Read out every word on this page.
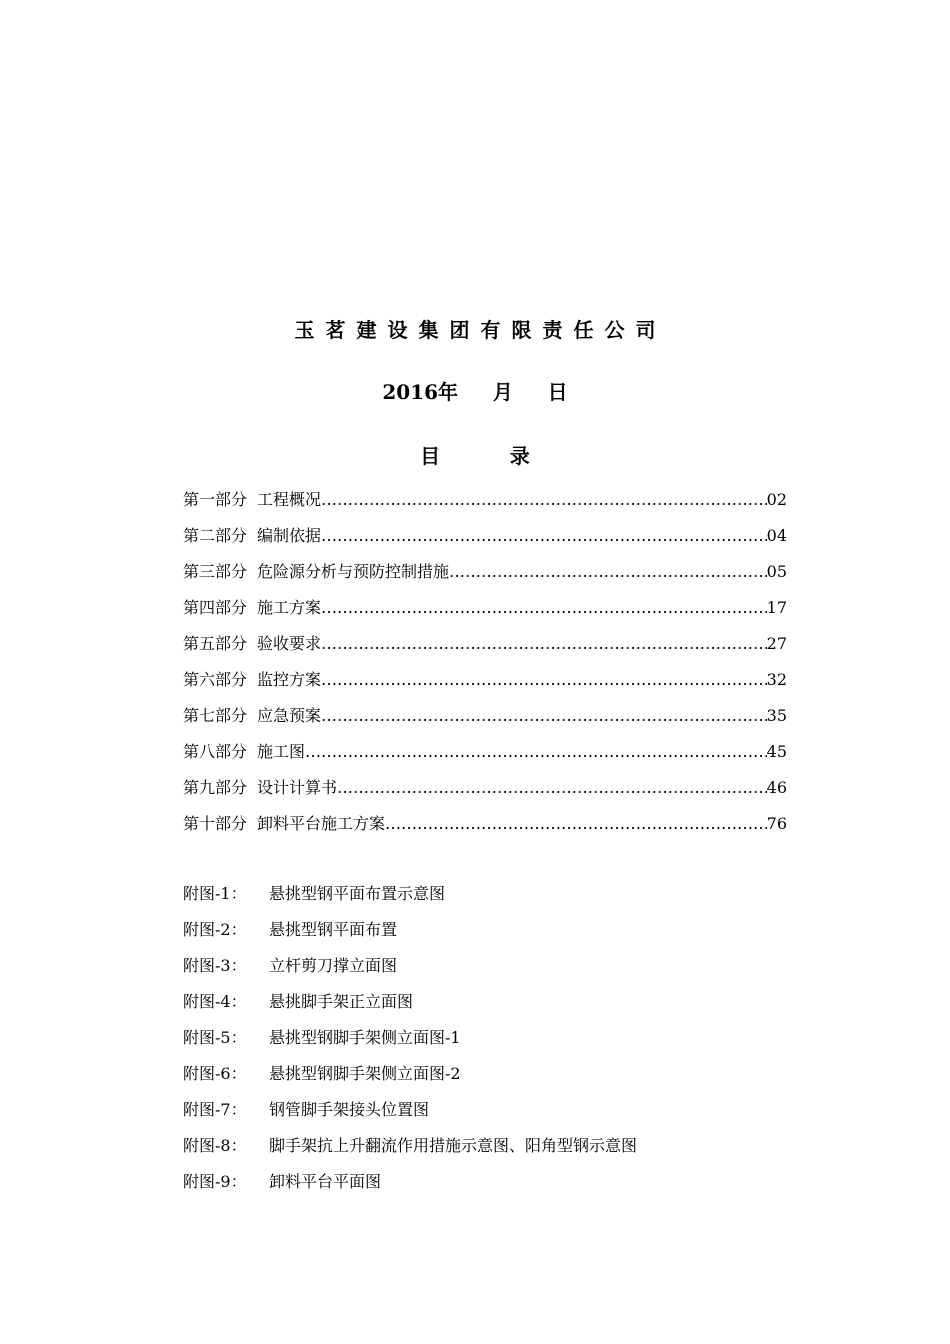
玉茗建设集团有限责任公司
2016年     月     日
目          录
第一部分 工程概况 …………………………………………………………………………………………………………………………………………………………………………………………………………………………………	02
第二部分 编制依据 …………………………………………………………………………………………………………………………………………………………………………………………………………………………………	04
第三部分 危险源分析与预防控制措施 …………………………………………………………………………………………………………………………………………………………………………………………………………………………………	05
第四部分 施工方案 …………………………………………………………………………………………………………………………………………………………………………………………………………………………………	17
第五部分 验收要求 …………………………………………………………………………………………………………………………………………………………………………………………………………………………………	27
第六部分 监控方案 …………………………………………………………………………………………………………………………………………………………………………………………………………………………………	32
第七部分 应急预案 …………………………………………………………………………………………………………………………………………………………………………………………………………………………………	35
第八部分 施工图 …………………………………………………………………………………………………………………………………………………………………………………………………………………………………	45
第九部分 设计计算书 …………………………………………………………………………………………………………………………………………………………………………………………………………………………………	46
第十部分 卸料平台施工方案 …………………………………………………………………………………………………………………………………………………………………………………………………………………………………	76
附图-1：	悬挑型钢平面布置示意图
附图-2：	悬挑型钢平面布置
附图-3：	立杆剪刀撑立面图
附图-4：	悬挑脚手架正立面图
附图-5：	悬挑型钢脚手架侧立面图-1
附图-6：	悬挑型钢脚手架侧立面图-2
附图-7：	钢管脚手架接头位置图
附图-8：	脚手架抗上升翻流作用措施示意图、阳角型钢示意图
附图-9：	卸料平台平面图
